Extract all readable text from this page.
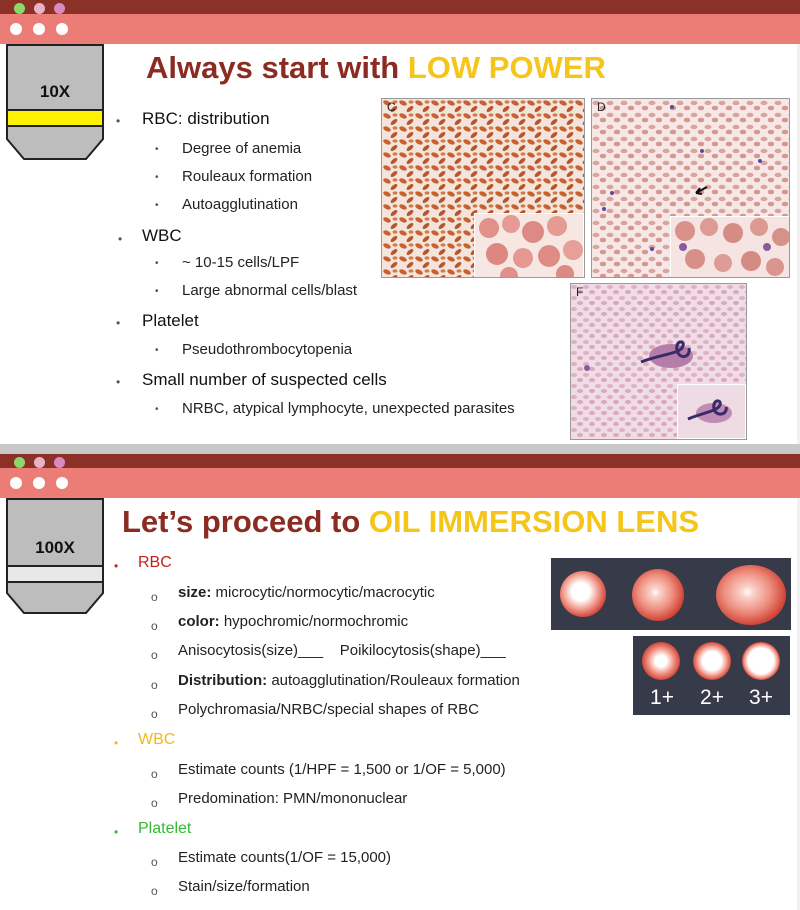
10X
Always start with LOW POWER
• RBC: distribution
• Degree of anemia
• Rouleaux formation
• Autoagglutination
• WBC
• ~ 10-15 cells/LPF
• Large abnormal cells/blast
• Platelet
• Pseudothrombocytopenia
• Small number of suspected cells
• NRBC, atypical lymphocyte, unexpected parasites
C	D
F
100X
Let’s proceed to OIL IMMERSION LENS
• RBC
o size: microcytic/normocytic/macrocytic
o color: hypochromic/normochromic
o Anisocytosis(size)___    Poikilocytosis(shape)___
o Distribution: autoagglutination/Rouleaux formation
o Polychromasia/NRBC/special shapes of RBC
• WBC
o Estimate counts (1/HPF = 1,500 or 1/OF = 5,000)
o Predomination: PMN/mononuclear
• Platelet
o Estimate counts(1/OF = 15,000)
o Stain/size/formation
1+	2+	3+
